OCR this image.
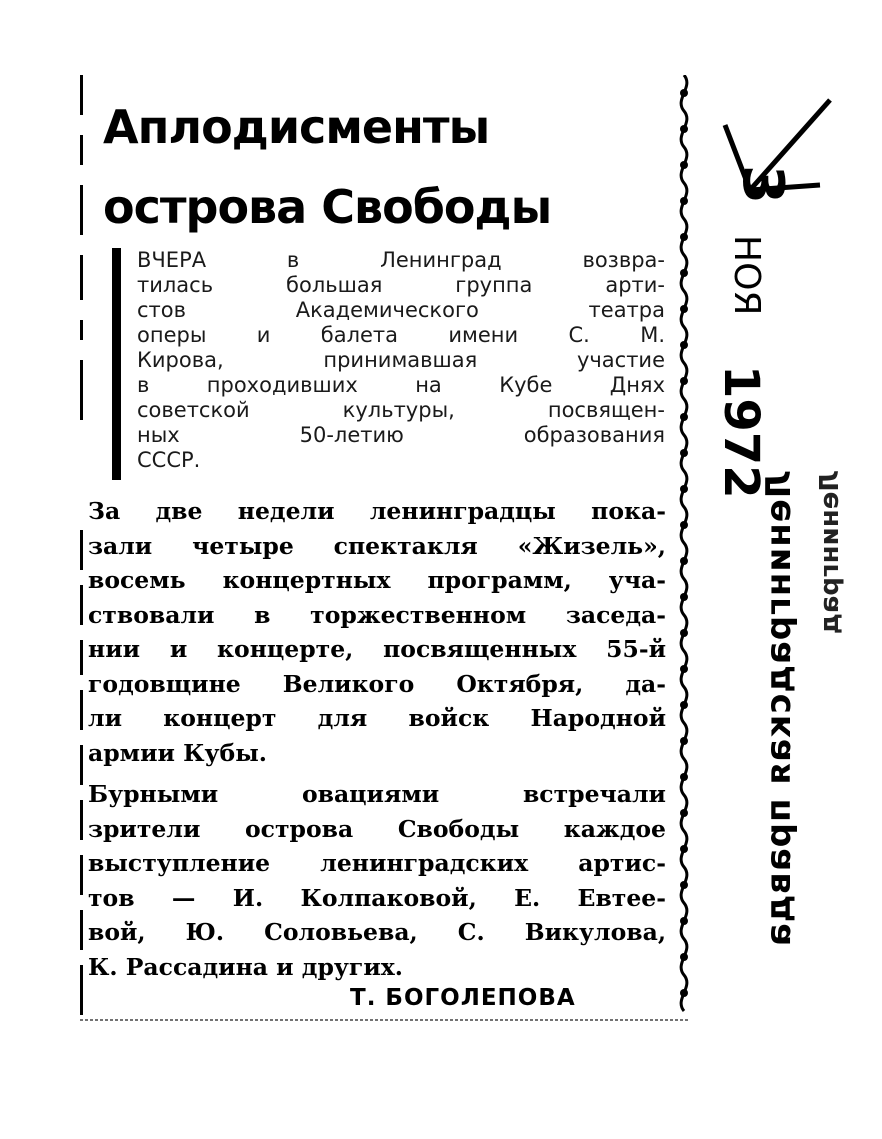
Аплодисменты
острова Свободы

ВЧЕРА в Ленинград возвра-
тилась большая группа арти-
стов Академического театра
оперы и балета имени С. М.
Кирова, принимавшая участие
в проходивших на Кубе Днях
советской культуры, посвящен-
ных 50-летию образования
СССР.

За две недели ленинградцы пока-
зали четыре спектакля «Жизель»,
восемь концертных программ, уча-
ствовали в торжественном заседа-
нии и концерте, посвященных 55-й
годовщине Великого Октября, да-
ли концерт для войск Народной
армии Кубы.

Бурными овациями встречали
зрители острова Свободы каждое
выступление ленинградских артис-
тов — И. Колпаковой, Е. Евтее-
вой, Ю. Соловьева, С. Викулова,
К. Рассадина и других.

Т. БОГОЛЕПОВА

Ленинградская правда Ленинград
3
НОЯ
1972
